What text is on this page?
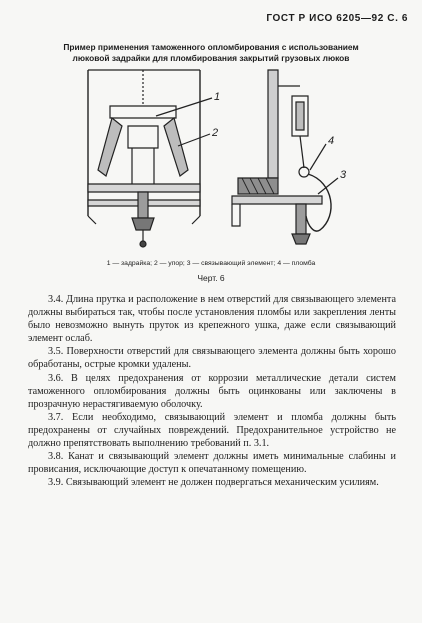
ГОСТ Р ИСО 6205—92 С. 6
Пример применения таможенного опломбирования с использованием
люковой задрайки для пломбирования закрытий грузовых люков
1
2
3
4
1 — задрайка; 2 — упор; 3 — связывающий элемент; 4 — пломба
Черт. 6

3.4. Длина прутка и расположение в нем отверстий для связывающего элемента должны выбираться так, чтобы после установления пломбы или закрепления ленты было невозможно вынуть пруток из крепежного ушка, даже если связывающий элемент ослаб.

3.5. Поверхности отверстий для связывающего элемента должны быть хорошо обработаны, острые кромки удалены.

3.6. В целях предохранения от коррозии металлические детали систем таможенного опломбирования должны быть оцинкованы или заключены в прозрачную нерастягиваемую оболочку.

3.7. Если необходимо, связывающий элемент и пломба должны быть предохранены от случайных повреждений. Предохранительное устройство не должно препятствовать выполнению требований п. 3.1.

3.8. Канат и связывающий элемент должны иметь минимальные слабины и провисания, исключающие доступ к опечатанному помещению.

3.9. Связывающий элемент не должен подвергаться механическим усилиям.
